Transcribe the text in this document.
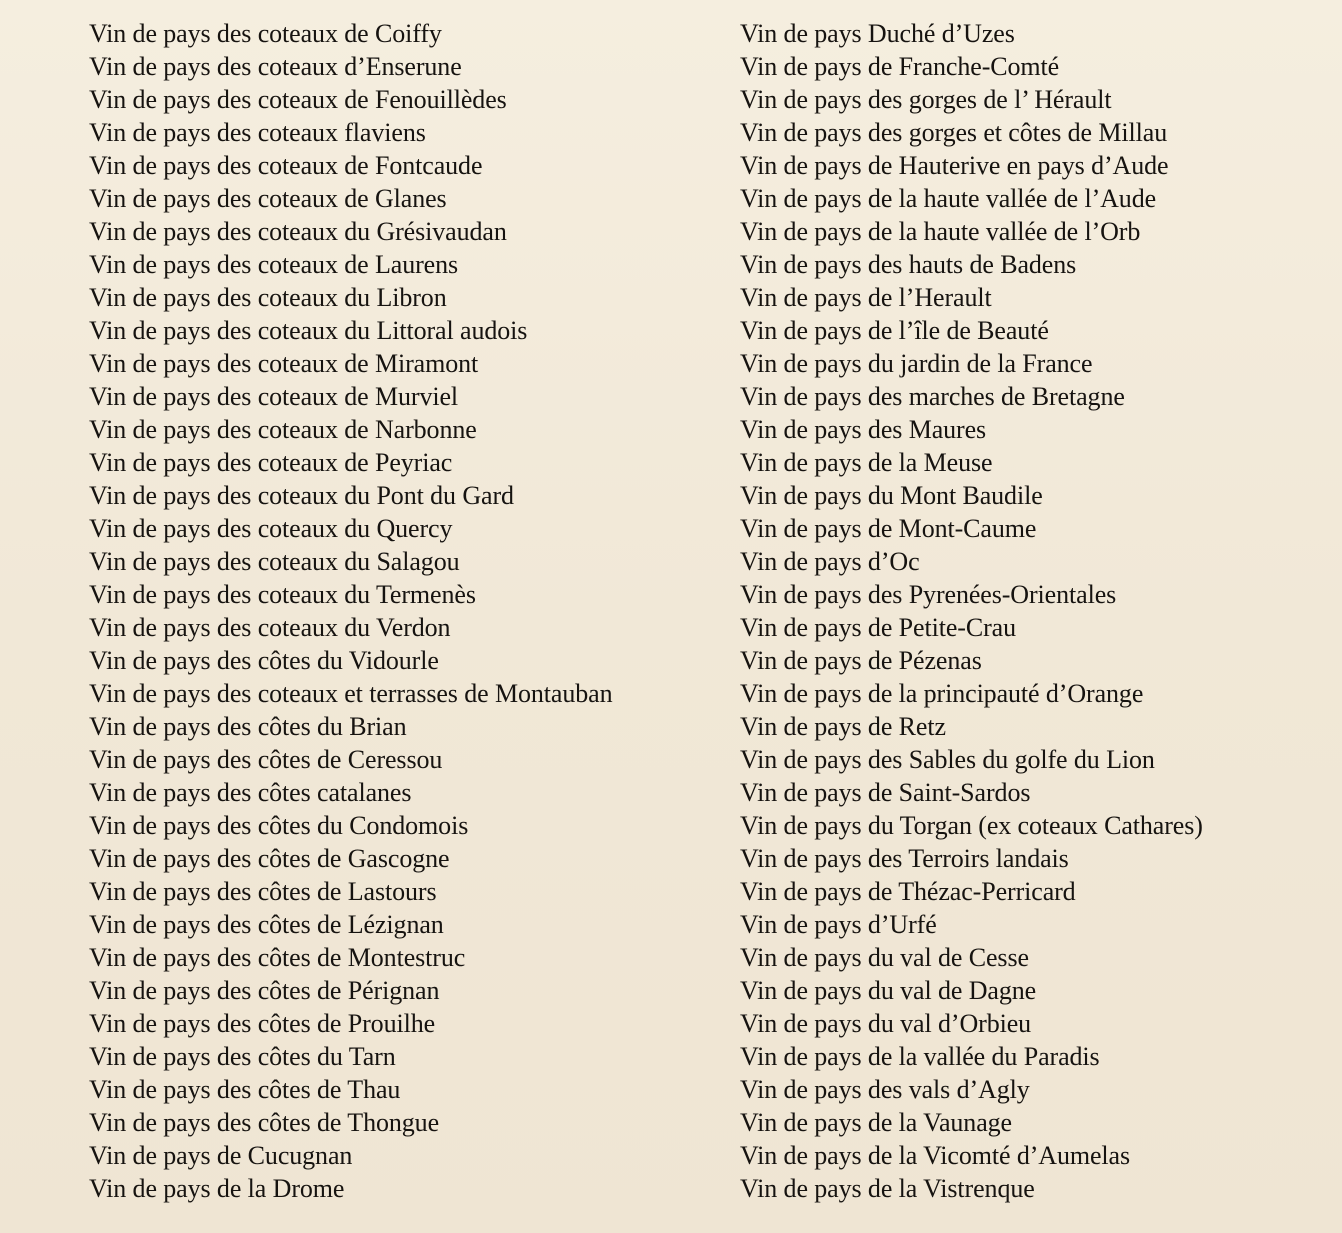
Vin de pays des coteaux de Coiffy
Vin de pays des coteaux d’Enserune
Vin de pays des coteaux de Fenouillèdes
Vin de pays des coteaux flaviens
Vin de pays des coteaux de Fontcaude
Vin de pays des coteaux de Glanes
Vin de pays des coteaux du Grésivaudan
Vin de pays des coteaux de Laurens
Vin de pays des coteaux du Libron
Vin de pays des coteaux du Littoral audois
Vin de pays des coteaux de Miramont
Vin de pays des coteaux de Murviel
Vin de pays des coteaux de Narbonne
Vin de pays des coteaux de Peyriac
Vin de pays des coteaux du Pont du Gard
Vin de pays des coteaux du Quercy
Vin de pays des coteaux du Salagou
Vin de pays des coteaux du Termenès
Vin de pays des coteaux du Verdon
Vin de pays des côtes du Vidourle
Vin de pays des coteaux et terrasses de Montauban
Vin de pays des côtes du Brian
Vin de pays des côtes de Ceressou
Vin de pays des côtes catalanes
Vin de pays des côtes du Condomois
Vin de pays des côtes de Gascogne
Vin de pays des côtes de Lastours
Vin de pays des côtes de Lézignan
Vin de pays des côtes de Montestruc
Vin de pays des côtes de Pérignan
Vin de pays des côtes de Prouilhe
Vin de pays des côtes du Tarn
Vin de pays des côtes de Thau
Vin de pays des côtes de Thongue
Vin de pays de Cucugnan
Vin de pays de la Drome
Vin de pays Duché d’Uzes
Vin de pays de Franche-Comté
Vin de pays des gorges de l’ Hérault
Vin de pays des gorges et côtes de Millau
Vin de pays de Hauterive en pays d’Aude
Vin de pays de la haute vallée de l’Aude
Vin de pays de la haute vallée de l’Orb
Vin de pays des hauts de Badens
Vin de pays de l’Herault
Vin de pays de l’île de Beauté
Vin de pays du jardin de la France
Vin de pays des marches de Bretagne
Vin de pays des Maures
Vin de pays de la Meuse
Vin de pays du Mont Baudile
Vin de pays de Mont-Caume
Vin de pays d’Oc
Vin de pays des Pyrenées-Orientales
Vin de pays de Petite-Crau
Vin de pays de Pézenas
Vin de pays de la principauté d’Orange
Vin de pays de Retz
Vin de pays des Sables du golfe du Lion
Vin de pays de Saint-Sardos
Vin de pays du Torgan (ex coteaux Cathares)
Vin de pays des Terroirs landais
Vin de pays de Thézac-Perricard
Vin de pays d’Urfé
Vin de pays du val de Cesse
Vin de pays du val de Dagne
Vin de pays du val d’Orbieu
Vin de pays de la vallée du Paradis
Vin de pays des vals d’Agly
Vin de pays de la Vaunage
Vin de pays de la Vicomté d’Aumelas
Vin de pays de la Vistrenque
